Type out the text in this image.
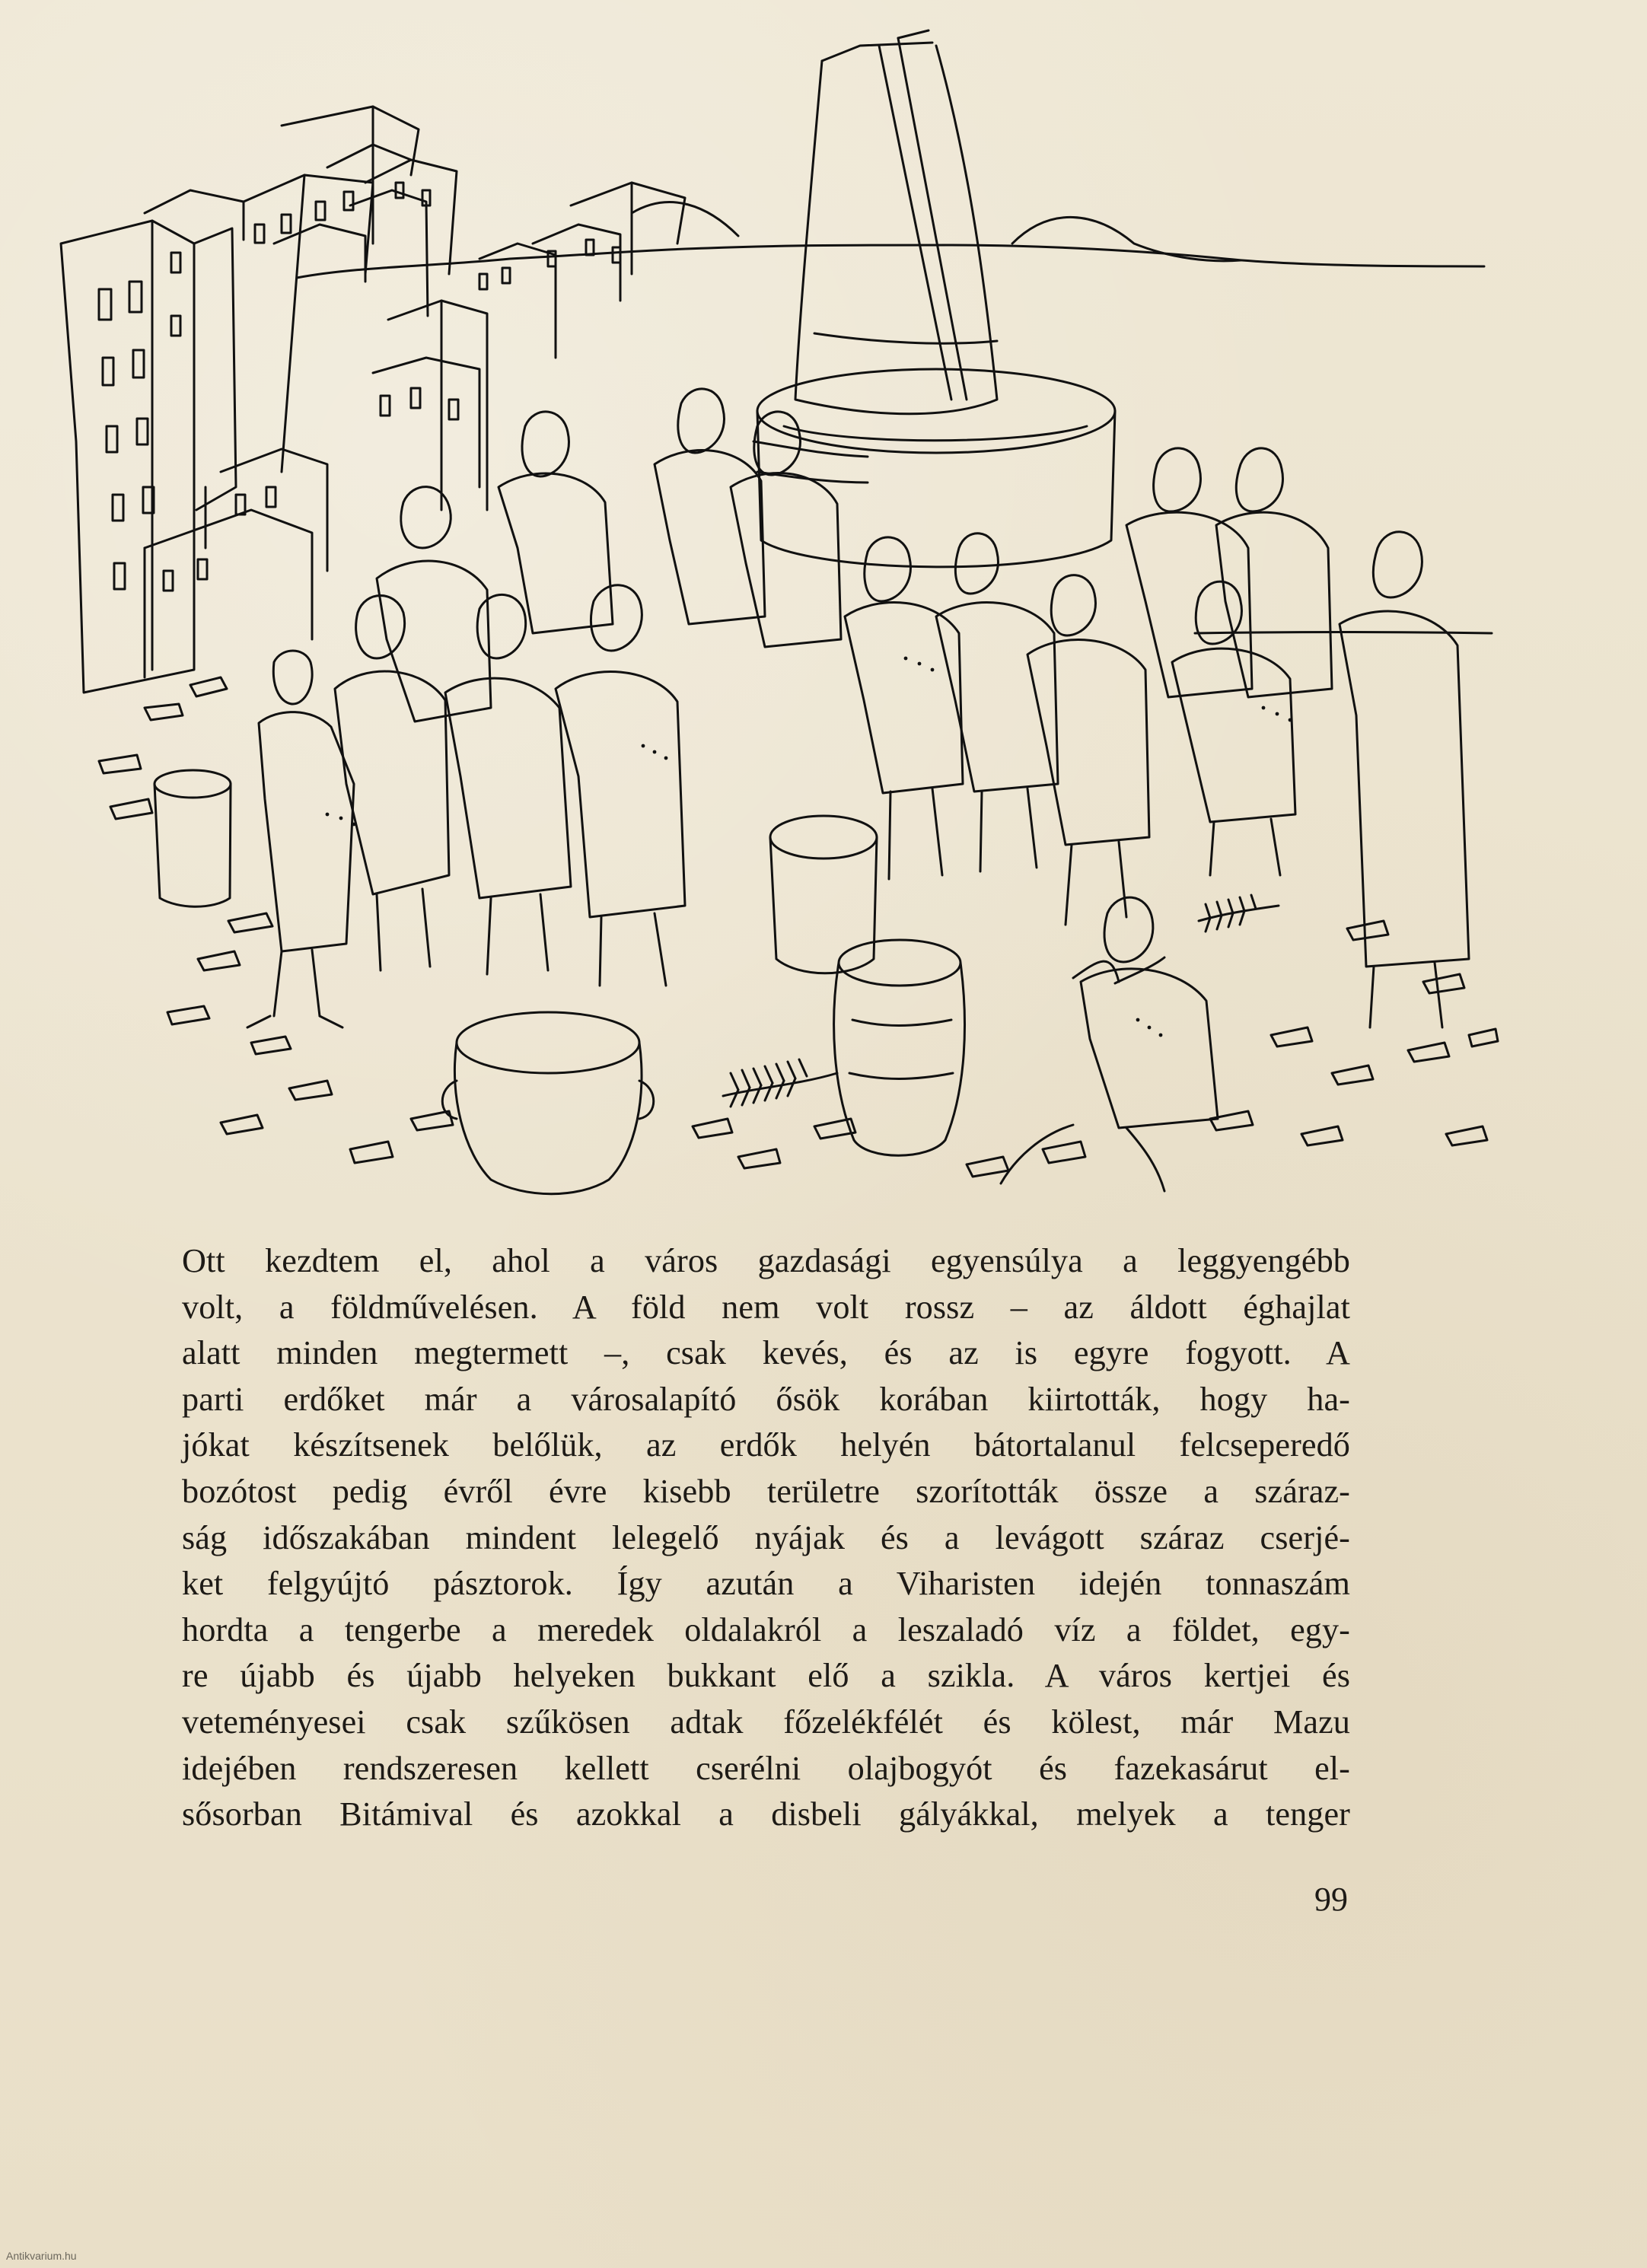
Ott kezdtem el, ahol a város gazdasági egyensúlya a leggyengébb
volt, a földművelésen. A föld nem volt rossz – az áldott éghajlat
alatt minden megtermett –, csak kevés, és az is egyre fogyott. A
parti erdőket már a városalapító ősök korában kiirtották, hogy ha-
jókat készítsenek belőlük, az erdők helyén bátortalanul felcseperedő
bozótost pedig évről évre kisebb területre szorították össze a száraz-
ság időszakában mindent lelegelő nyájak és a levágott száraz cserjé-
ket felgyújtó pásztorok. Így azután a Viharisten idején tonnaszám
hordta a tengerbe a meredek oldalakról a leszaladó víz a földet, egy-
re újabb és újabb helyeken bukkant elő a szikla. A város kertjei és
veteményesei csak szűkösen adtak főzelékfélét és kölest, már Mazu
idejében rendszeresen kellett cserélni olajbogyót és fazekasárut el-
sősorban Bitámival és azokkal a disbeli gályákkal, melyek a tenger
99
Antikvarium.hu
